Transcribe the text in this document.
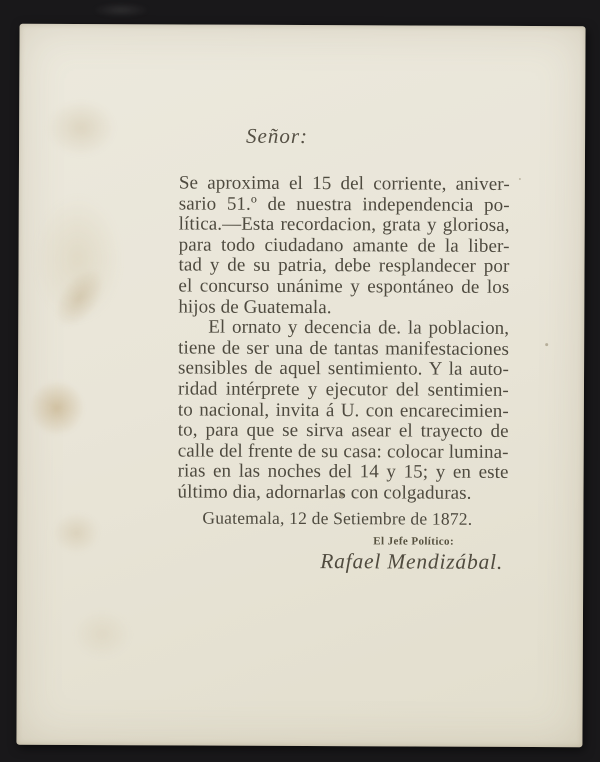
Señor:
Se aproxima el 15 del corriente, aniver-
sario 51.º de nuestra independencia po-
lítica.—Esta recordacion, grata y gloriosa,
para todo ciudadano amante de la liber-
tad y de su patria, debe resplandecer por
el concurso unánime y espontáneo de los
hijos de Guatemala.
El ornato y decencia de. la poblacion,
tiene de ser una de tantas manifestaciones
sensibles de aquel sentimiento. Y la auto-
ridad intérprete y ejecutor del sentimien-
to nacional, invita á U. con encarecimien-
to, para que se sirva asear el trayecto de
calle del frente de su casa: colocar lumina-
rias en las noches del 14 y 15; y en este
último dia, adornarlas con colgaduras.
Guatemala, 12 de Setiembre de 1872.
El Jefe Político:
Rafael Mendizábal.
